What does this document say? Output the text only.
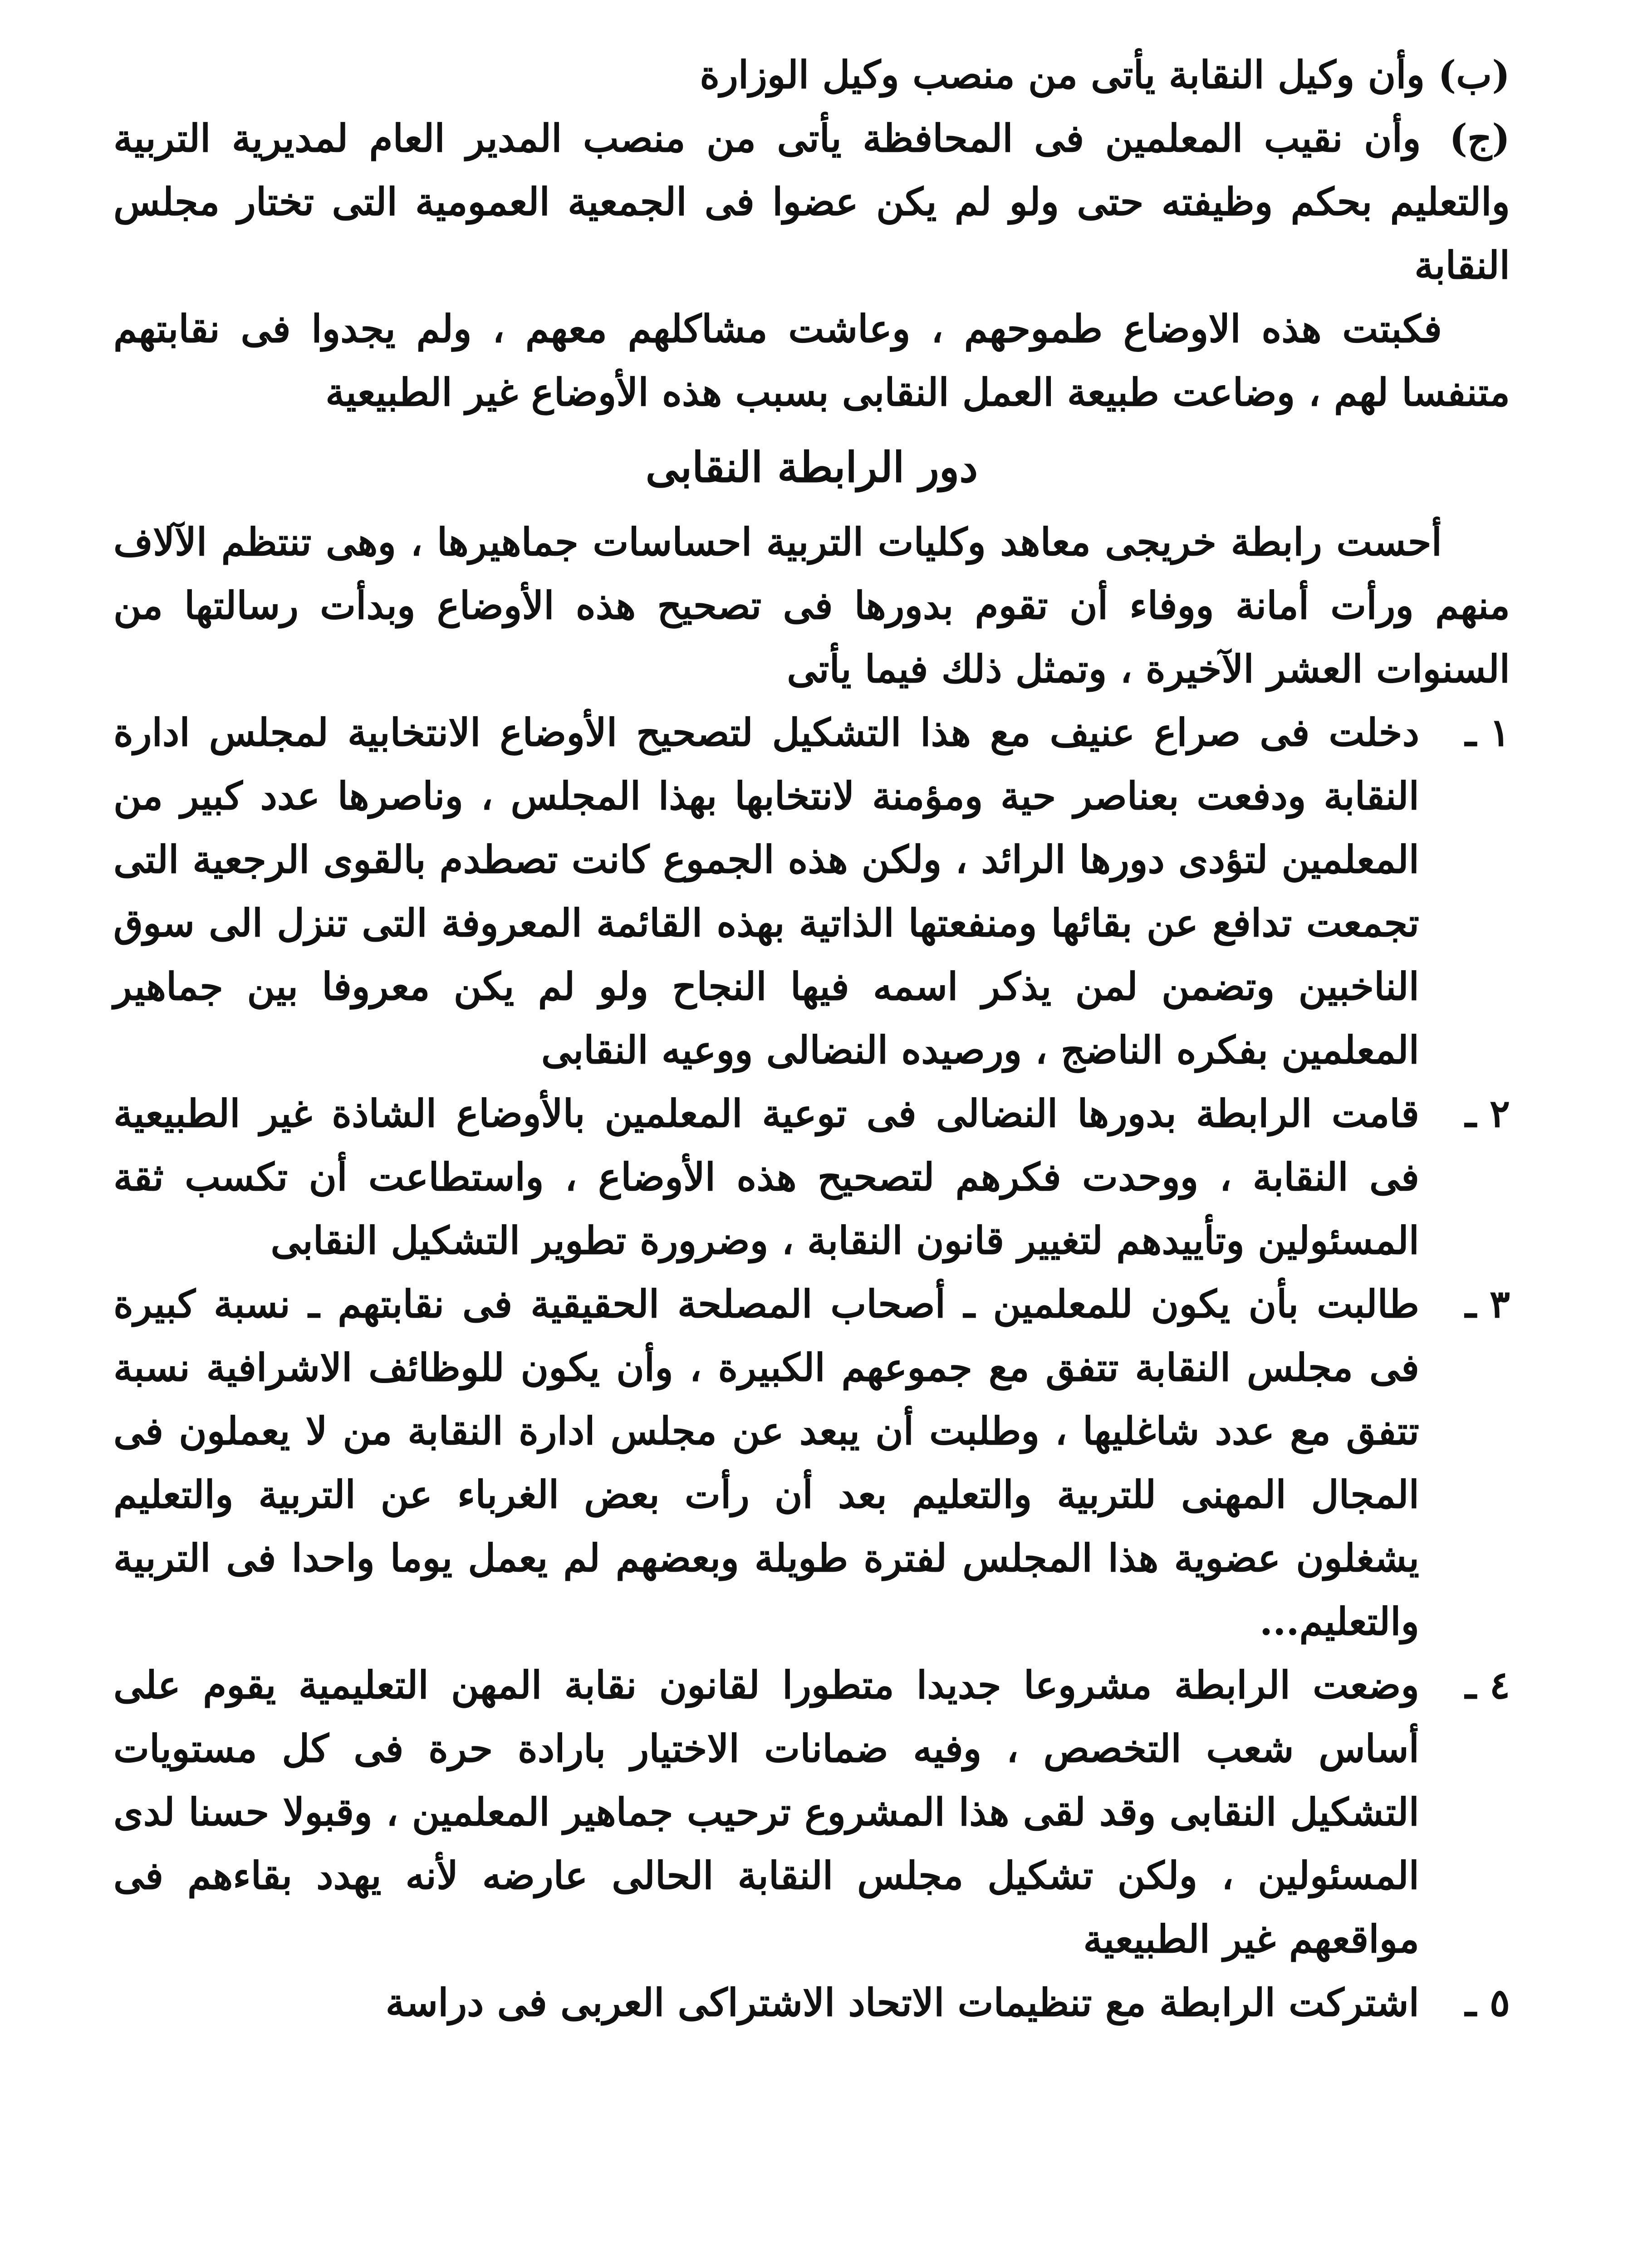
(ب) وأن وكيل النقابة يأتى من منصب وكيل الوزارة

(ج) وأن نقيب المعلمين فى المحافظة يأتى من منصب المدير العام لمديرية التربية والتعليم بحكم وظيفته حتى ولو لم يكن عضوا فى الجمعية العمومية التى تختار مجلس النقابة

فكبتت هذه الاوضاع طموحهم ، وعاشت مشاكلهم معهم ، ولم يجدوا فى نقابتهم متنفسا لهم ، وضاعت طبيعة العمل النقابى بسبب هذه الأوضاع غير الطبيعية

دور الرابطة النقابى

أحست رابطة خريجى معاهد وكليات التربية احساسات جماهيرها ، وهى تنتظم الآلاف منهم ورأت أمانة ووفاء أن تقوم بدورها فى تصحيح هذه الأوضاع وبدأت رسالتها من السنوات العشر الآخيرة ، وتمثل ذلك فيما يأتى

١ ـ
دخلت فى صراع عنيف مع هذا التشكيل لتصحيح الأوضاع الانتخابية لمجلس ادارة النقابة ودفعت بعناصر حية ومؤمنة لانتخابها بهذا المجلس ، وناصرها عدد كبير من المعلمين لتؤدى دورها الرائد ، ولكن هذه الجموع كانت تصطدم بالقوى الرجعية التى تجمعت تدافع عن بقائها ومنفعتها الذاتية بهذه القائمة المعروفة التى تنزل الى سوق الناخبين وتضمن لمن يذكر اسمه فيها النجاح ولو لم يكن معروفا بين جماهير المعلمين بفكره الناضج ، ورصيده النضالى ووعيه النقابى
٢ ـ
قامت الرابطة بدورها النضالى فى توعية المعلمين بالأوضاع الشاذة غير الطبيعية فى النقابة ، ووحدت فكرهم لتصحيح هذه الأوضاع ، واستطاعت أن تكسب ثقة المسئولين وتأييدهم لتغيير قانون النقابة ، وضرورة تطوير التشكيل النقابى
٣ ـ
طالبت بأن يكون للمعلمين ـ أصحاب المصلحة الحقيقية فى نقابتهم ـ نسبة كبيرة فى مجلس النقابة تتفق مع جموعهم الكبيرة ، وأن يكون للوظائف الاشرافية نسبة تتفق مع عدد شاغليها ، وطلبت أن يبعد عن مجلس ادارة النقابة من لا يعملون فى المجال المهنى للتربية والتعليم بعد أن رأت بعض الغرباء عن التربية والتعليم يشغلون عضوية هذا المجلس لفترة طويلة وبعضهم لم يعمل يوما واحدا فى التربية والتعليم...
٤ ـ
وضعت الرابطة مشروعا جديدا متطورا لقانون نقابة المهن التعليمية يقوم على أساس شعب التخصص ، وفيه ضمانات الاختيار بارادة حرة فى كل مستويات التشكيل النقابى وقد لقى هذا المشروع ترحيب جماهير المعلمين ، وقبولا حسنا لدى المسئولين ، ولكن تشكيل مجلس النقابة الحالى عارضه لأنه يهدد بقاءهم فى مواقعهم غير الطبيعية
٥ ـ
اشتركت الرابطة مع تنظيمات الاتحاد الاشتراكى العربى فى دراسة
